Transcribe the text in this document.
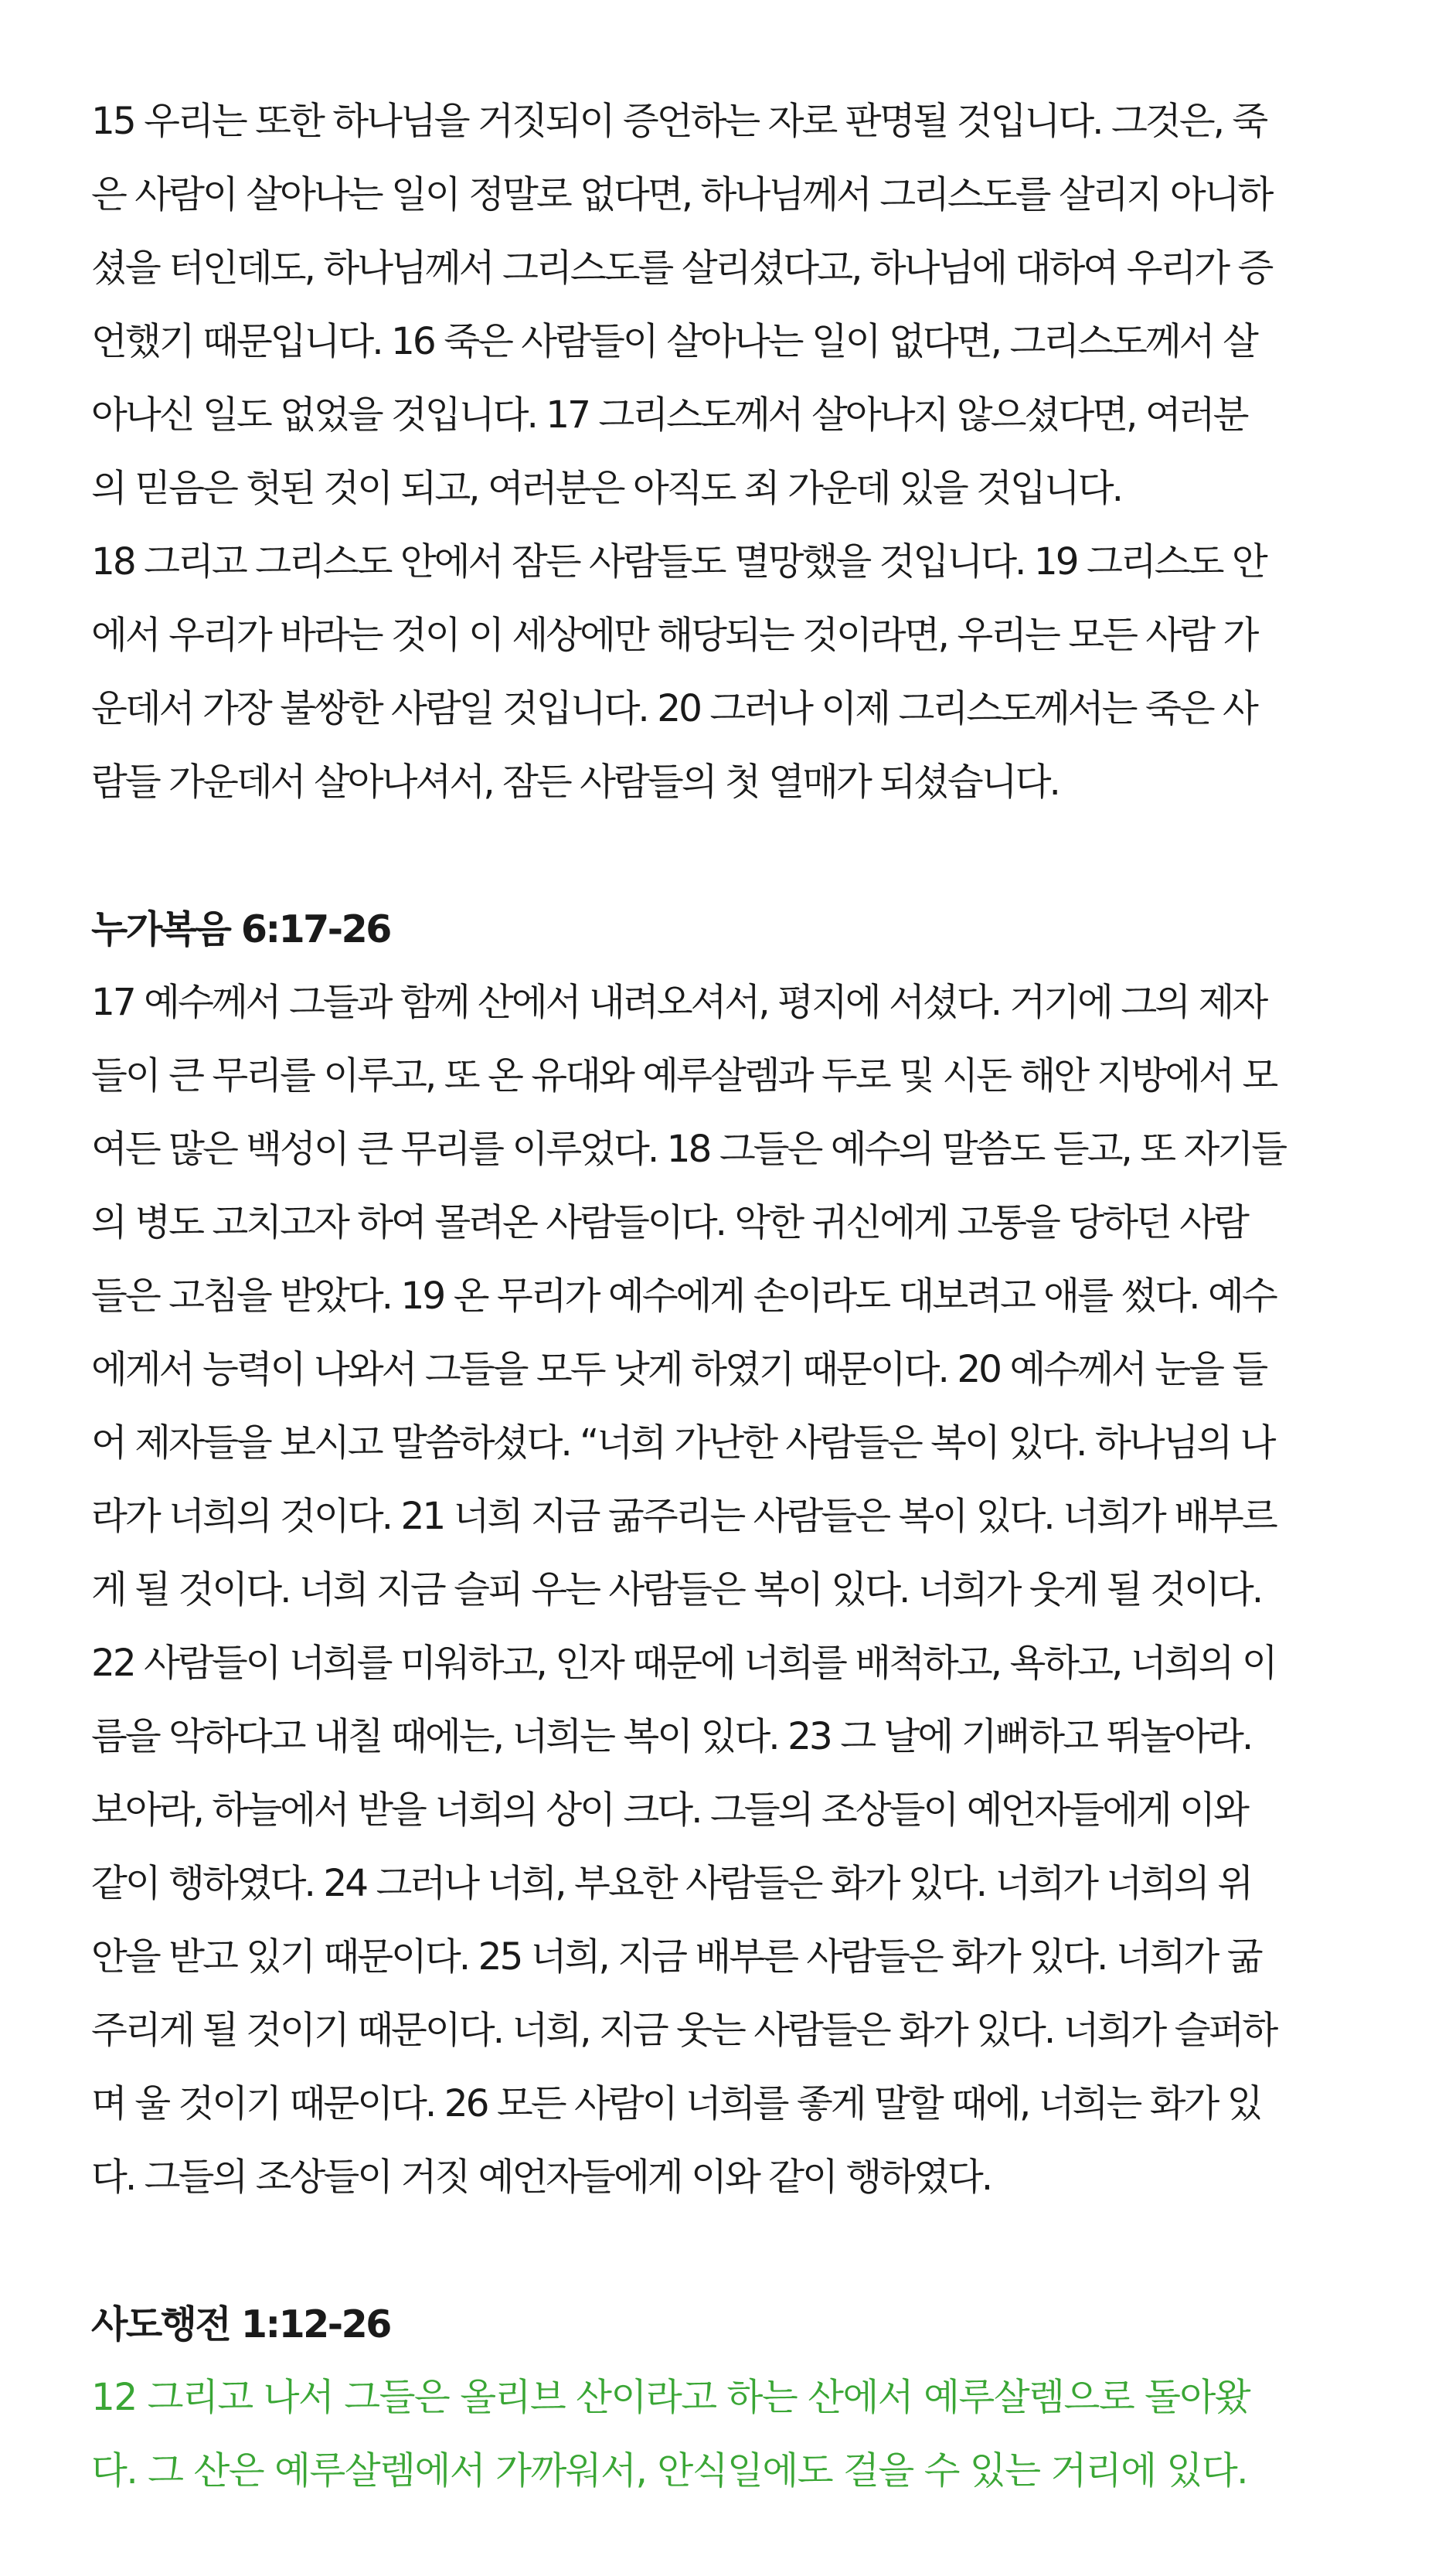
15 우리는 또한 하나님을 거짓되이 증언하는 자로 판명될 것입니다. 그것은, 죽
은 사람이 살아나는 일이 정말로 없다면, 하나님께서 그리스도를 살리지 아니하
셨을 터인데도, 하나님께서 그리스도를 살리셨다고, 하나님에 대하여 우리가 증
언했기 때문입니다. 16 죽은 사람들이 살아나는 일이 없다면, 그리스도께서 살
아나신 일도 없었을 것입니다. 17 그리스도께서 살아나지 않으셨다면, 여러분
의 믿음은 헛된 것이 되고, 여러분은 아직도 죄 가운데 있을 것입니다.
18 그리고 그리스도 안에서 잠든 사람들도 멸망했을 것입니다. 19 그리스도 안
에서 우리가 바라는 것이 이 세상에만 해당되는 것이라면, 우리는 모든 사람 가
운데서 가장 불쌍한 사람일 것입니다. 20 그러나 이제 그리스도께서는 죽은 사
람들 가운데서 살아나셔서, 잠든 사람들의 첫 열매가 되셨습니다.
누가복음 6:17-26
17 예수께서 그들과 함께 산에서 내려오셔서, 평지에 서셨다. 거기에 그의 제자
들이 큰 무리를 이루고, 또 온 유대와 예루살렘과 두로 및 시돈 해안 지방에서 모
여든 많은 백성이 큰 무리를 이루었다. 18 그들은 예수의 말씀도 듣고, 또 자기들
의 병도 고치고자 하여 몰려온 사람들이다. 악한 귀신에게 고통을 당하던 사람
들은 고침을 받았다. 19 온 무리가 예수에게 손이라도 대보려고 애를 썼다. 예수
에게서 능력이 나와서 그들을 모두 낫게 하였기 때문이다. 20 예수께서 눈을 들
어 제자들을 보시고 말씀하셨다. “너희 가난한 사람들은 복이 있다. 하나님의 나
라가 너희의 것이다. 21 너희 지금 굶주리는 사람들은 복이 있다. 너희가 배부르
게 될 것이다. 너희 지금 슬피 우는 사람들은 복이 있다. 너희가 웃게 될 것이다.
22 사람들이 너희를 미워하고, 인자 때문에 너희를 배척하고, 욕하고, 너희의 이
름을 악하다고 내칠 때에는, 너희는 복이 있다. 23 그 날에 기뻐하고 뛰놀아라.
보아라, 하늘에서 받을 너희의 상이 크다. 그들의 조상들이 예언자들에게 이와
같이 행하였다. 24 그러나 너희, 부요한 사람들은 화가 있다. 너희가 너희의 위
안을 받고 있기 때문이다. 25 너희, 지금 배부른 사람들은 화가 있다. 너희가 굶
주리게 될 것이기 때문이다. 너희, 지금 웃는 사람들은 화가 있다. 너희가 슬퍼하
며 울 것이기 때문이다. 26 모든 사람이 너희를 좋게 말할 때에, 너희는 화가 있
다. 그들의 조상들이 거짓 예언자들에게 이와 같이 행하였다.
사도행전 1:12-26
12 그리고 나서 그들은 올리브 산이라고 하는 산에서 예루살렘으로 돌아왔
다. 그 산은 예루살렘에서 가까워서, 안식일에도 걸을 수 있는 거리에 있다.
